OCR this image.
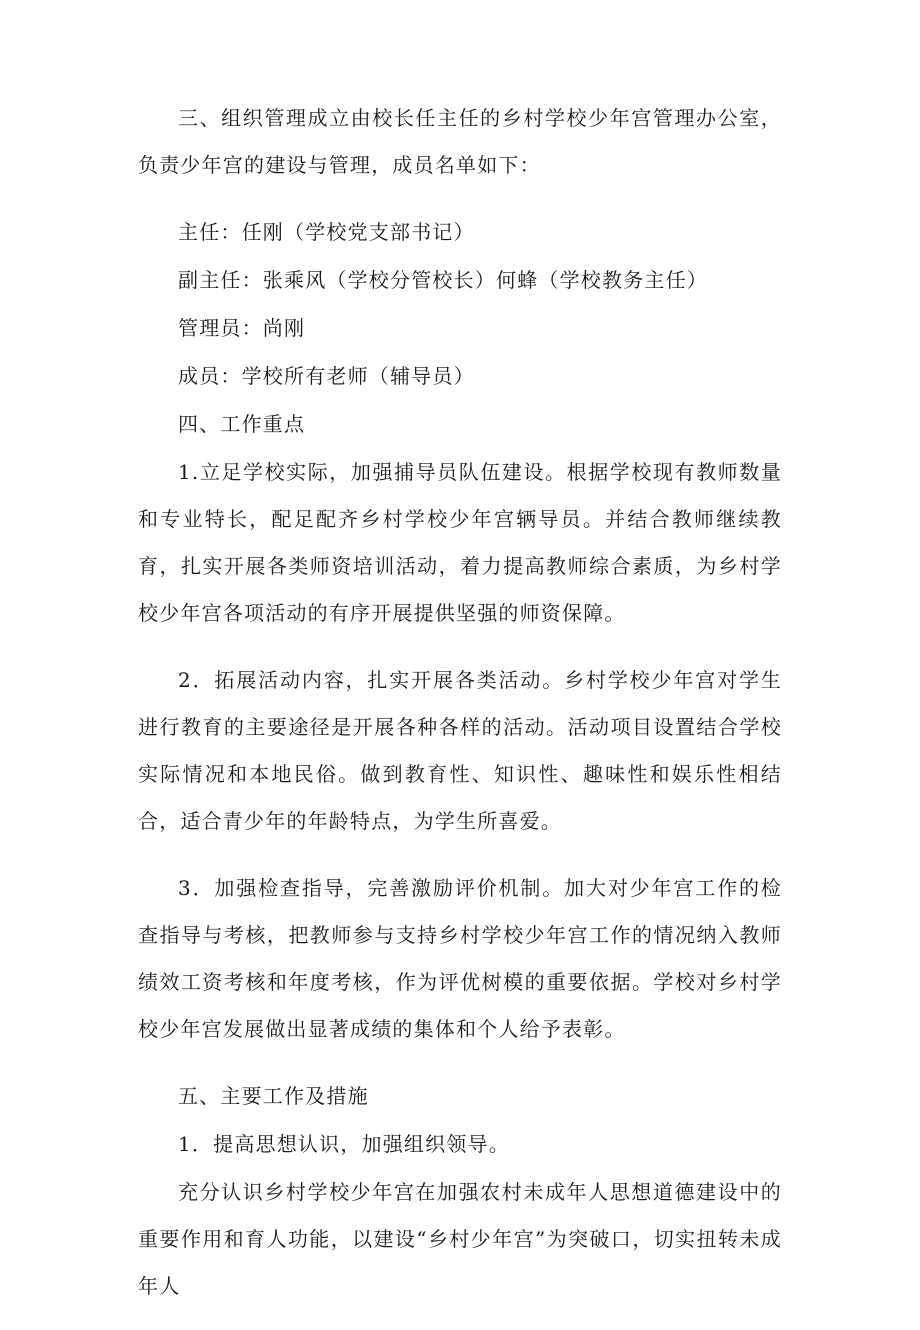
三、组织管理成立由校长任主任的乡村学校少年宫管理办公室，负责少年宫的建设与管理，成员名单如下：

主任：任刚（学校党支部书记）

副主任：张乘风（学校分管校长）何蜂（学校教务主任）

管理员：尚刚

成员：学校所有老师（辅导员）

四、工作重点

1.立足学校实际，加强捕导员队伍建设。根据学校现有教师数量和专业特长，配足配齐乡村学校少年宫辆导员。并结合教师继续教育，扎实开展各类师资培训活动，着力提高教师综合素质，为乡村学校少年宫各项活动的有序开展提供坚强的师资保障。

2．拓展活动内容，扎实开展各类活动。乡村学校少年宫对学生进行教育的主要途径是开展各种各样的活动。活动项目设置结合学校实际情况和本地民俗。做到教育性、知识性、趣味性和娱乐性相结合，适合青少年的年龄特点，为学生所喜爱。

3．加强检查指导，完善激励评价机制。加大对少年宫工作的检查指导与考核，把教师参与支持乡村学校少年宫工作的情况纳入教师绩效工资考核和年度考核，作为评优树模的重要依据。学校对乡村学校少年宫发展做出显著成绩的集体和个人给予表彰。

五、主要工作及措施

1．提高思想认识，加强组织领导。

充分认识乡村学校少年宫在加强农村未成年人思想道德建设中的重要作用和育人功能，以建设“乡村少年宫”为突破口，切实扭转未成年人
